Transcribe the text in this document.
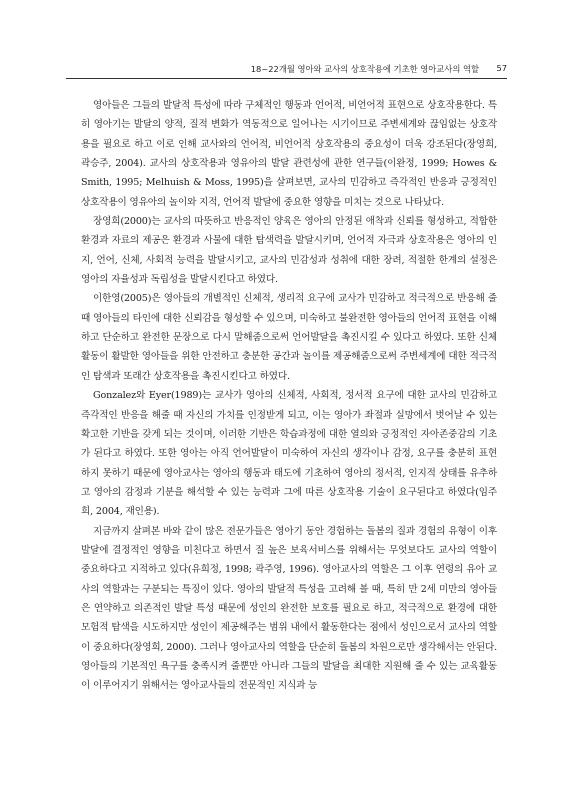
18~22개월 영아와 교사의 상호작용에 기초한 영아교사의 역할 57

영아들은 그들의 발달적 특성에 따라 구체적인 행동과 언어적, 비언어적 표현으로 상호작용한다. 특히 영아기는 발달의 양적, 질적 변화가 역동적으로 일어나는 시기이므로 주변세계와 끊임없는 상호작용을 필요로 하고 이로 인해 교사와의 언어적, 비언어적 상호작용의 중요성이 더욱 강조된다(장영희, 곽승주, 2004). 교사의 상호작용과 영유아의 발달 관련성에 관한 연구들(이완정, 1999; Howes & Smith, 1995; Melhuish & Moss, 1995)을 살펴보면, 교사의 민감하고 즉각적인 반응과 긍정적인 상호작용이 영유아의 놀이와 지적, 언어적 발달에 중요한 영향을 미치는 것으로 나타났다.

장영희(2000)는 교사의 따뜻하고 반응적인 양육은 영아의 안정된 애착과 신뢰를 형성하고, 적합한 환경과 자료의 제공은 환경과 사물에 대한 탐색력을 발달시키며, 언어적 자극과 상호작용은 영아의 인지, 언어, 신체, 사회적 능력을 발달시키고, 교사의 민감성과 성취에 대한 장려, 적절한 한계의 설정은 영아의 자율성과 독립성을 발달시킨다고 하였다.

이한영(2005)은 영아들의 개별적인 신체적, 생리적 요구에 교사가 민감하고 적극적으로 반응해 줄때 영아들의 타인에 대한 신뢰감을 형성할 수 있으며, 미숙하고 불완전한 영아들의 언어적 표현을 이해하고 단순하고 완전한 문장으로 다시 말해줌으로써 언어발달을 촉진시킬 수 있다고 하였다. 또한 신체활동이 활발한 영아들을 위한 안전하고 충분한 공간과 놀이를 제공해줌으로써 주변세계에 대한 적극적인 탐색과 또래간 상호작용을 촉진시킨다고 하였다.

Gonzalez와 Eyer(1989)는 교사가 영아의 신체적, 사회적, 정서적 요구에 대한 교사의 민감하고 즉각적인 반응을 해줄 때 자신의 가치를 인정받게 되고, 이는 영아가 좌절과 실망에서 벗어날 수 있는 확고한 기반을 갖게 되는 것이며, 이러한 기반은 학습과정에 대한 열의와 긍정적인 자아존중감의 기초가 된다고 하였다. 또한 영아는 아직 언어발달이 미숙하여 자신의 생각이나 감정, 요구를 충분히 표현하지 못하기 때문에 영아교사는 영아의 행동과 태도에 기초하여 영아의 정서적, 인지적 상태를 유추하고 영아의 감정과 기분을 해석할 수 있는 능력과 그에 따른 상호작용 기술이 요구된다고 하였다(임주희, 2004, 재인용).

지금까지 살펴본 바와 같이 많은 전문가들은 영아기 동안 경험하는 돌봄의 질과 경험의 유형이 이후 발달에 결정적인 영향을 미친다고 하면서 질 높은 보육서비스를 위해서는 무엇보다도 교사의 역할이 중요하다고 지적하고 있다(유희정, 1998; 곽주영, 1996). 영아교사의 역할은 그 이후 연령의 유아 교사의 역할과는 구분되는 특징이 있다. 영아의 발달적 특성을 고려해 볼 때, 특히 만 2세 미만의 영아들은 연약하고 의존적인 발달 특성 때문에 성인의 완전한 보호를 필요로 하고, 적극적으로 환경에 대한 모험적 탐색을 시도하지만 성인이 제공해주는 범위 내에서 활동한다는 점에서 성인으로서 교사의 역할이 중요하다(장영희, 2000). 그러나 영아교사의 역할을 단순히 돌봄의 차원으로만 생각해서는 안된다. 영아들의 기본적인 욕구를 충족시켜 줄뿐만 아니라 그들의 발달을 최대한 지원해 줄 수 있는 교육활동이 이루어지기 위해서는 영아교사들의 전문적인 지식과 능
